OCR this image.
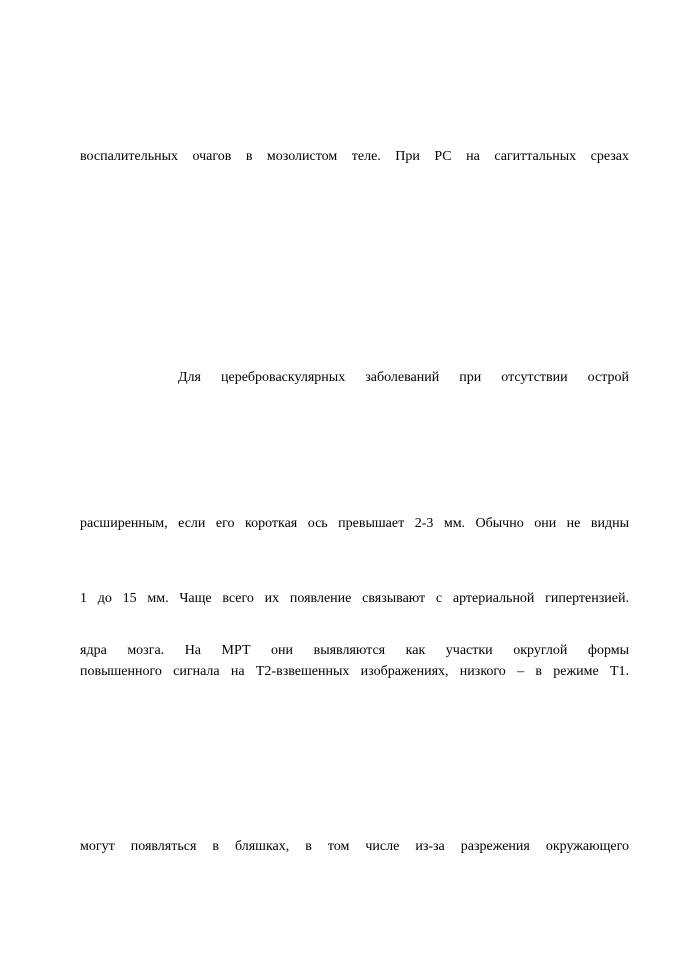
воспалительных очагов в мозолистом теле. При РС на сагиттальных срезах
Для цереброваскулярных заболеваний при отсутствии острой
расширенным, если его короткая ось превышает 2-3 мм. Обычно они не видны
1 до 15 мм. Чаще всего их появление связывают с артериальной гипертензией.
ядра мозга. На МРТ они выявляются как участки округлой формы
повышенного сигнала на Т2-взвешенных изображениях, низкого – в режиме Т1.
могут появляться в бляшках, в том числе из-за разрежения окружающего
